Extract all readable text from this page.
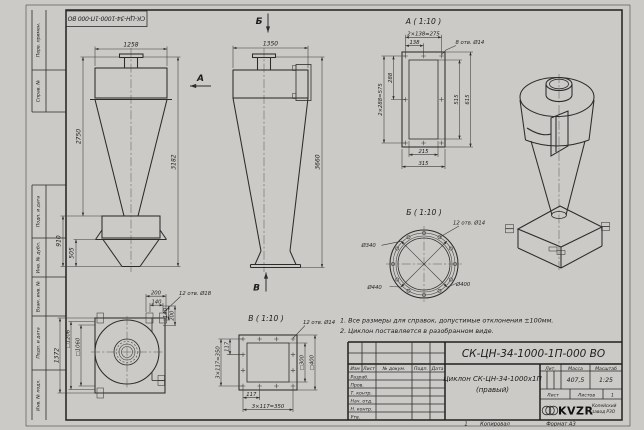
Перв. примен.
Справ. №
Подп. и дата
Инв. № дубл.
Взам. инв. №
Подп. и дата
Инв. № подл.
СК-ЦН-34-1000-1П-000 ВО
1258
2750
910
505
3182
А
Б
1350
3660
В
А ( 1:10 )
2×138=275
138	8 отв. Ø14
288
2×288=575	515 615
215
315
Б ( 1:10 )
12 отв. Ø14
Ø340
Ø440	Ø400
В ( 1:10 )	12 отв. Ø14
117
3×117=350	□300 □400
117
3×117=350
1372
□1206 □1060
200
140
12 отв. Ø18
140 200	1. Все размеры для справок, допустимые отклонения ±100мм.
2. Циклон поставляется в разобранном виде.
СК-ЦН-34-1000-1П-000 ВО
Циклон СК-ЦН-34-1000х1П
(правый)
Изм Лист № докум. Подп. Дата
Разраб.
Пров.
Т. контр.
Нач. отд.
Н. контр.
Утв.
Лит.	Масса	Масштаб
407,5 1:25
Лист	Листов	1
KVZR
Копейский
завод РЗО
1 Копировал	Формат А3
